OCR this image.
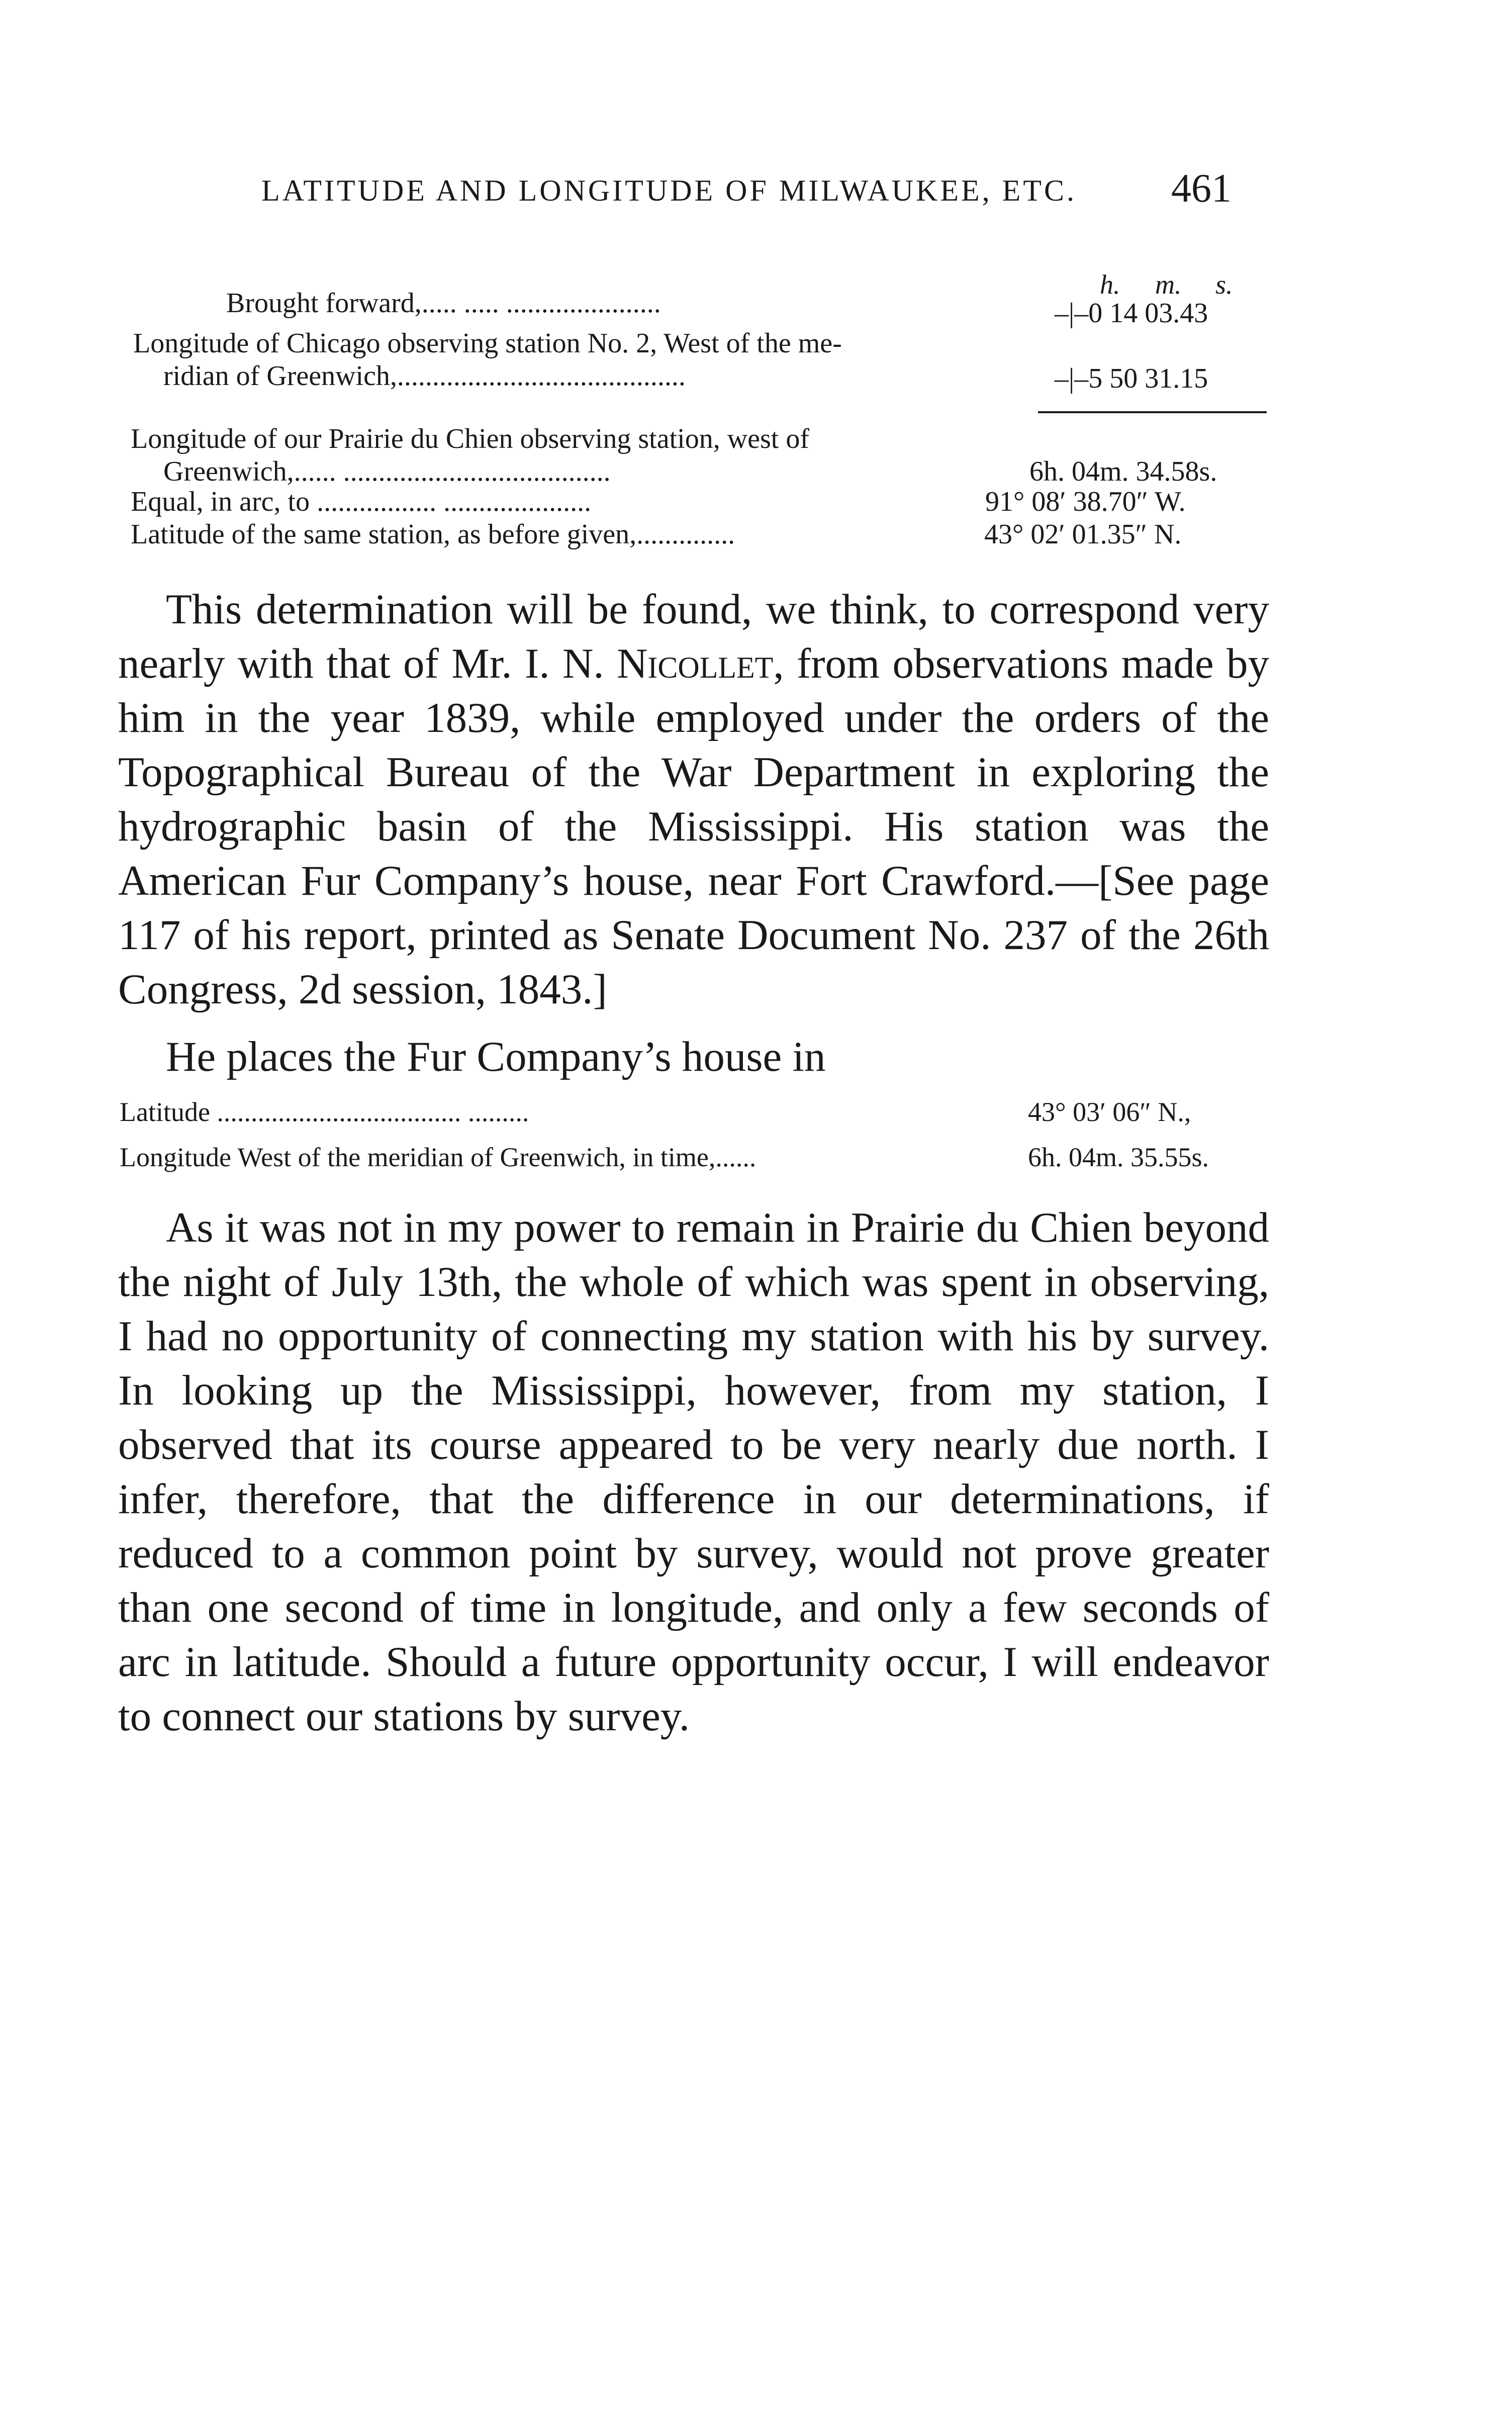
LATITUDE AND LONGITUDE OF MILWAUKEE, ETC.	461
h. m. s.
Brought forward,..... ..... ......................	–|–0 14 03.43
Longitude of Chicago observing station No. 2, West of the me-
ridian of Greenwich,.........................................	–|–5 50 31.15
Longitude of our Prairie du Chien observing station, west of
Greenwich,...... ......................................	6h. 04m. 34.58s.
Equal, in arc, to ................. .....................	91° 08′ 38.70″ W.
Latitude of the same station, as before given,..............	43° 02′ 01.35″ N.

This determination will be found, we think, to correspond very nearly with that of Mr. I. N. Nicollet, from observations made by him in the year 1839, while employed under the orders of the Topographical Bureau of the War Department in exploring the hydrographic basin of the Mississippi. His station was the American Fur Company’s house, near Fort Crawford.—[See page 117 of his report, printed as Senate Document No. 237 of the 26th Congress, 2d session, 1843.]

He places the Fur Company’s house in

Latitude .................................... .........	43° 03′ 06″ N.,
Longitude West of the meridian of Greenwich, in time,......	6h. 04m. 35.55s.

As it was not in my power to remain in Prairie du Chien beyond the night of July 13th, the whole of which was spent in observing, I had no opportunity of connecting my station with his by survey. In looking up the Mississippi, however, from my station, I observed that its course appeared to be very nearly due north. I infer, therefore, that the difference in our determinations, if reduced to a common point by survey, would not prove greater than one second of time in longitude, and only a few seconds of arc in latitude. Should a future opportunity occur, I will endeavor to connect our stations by survey.
